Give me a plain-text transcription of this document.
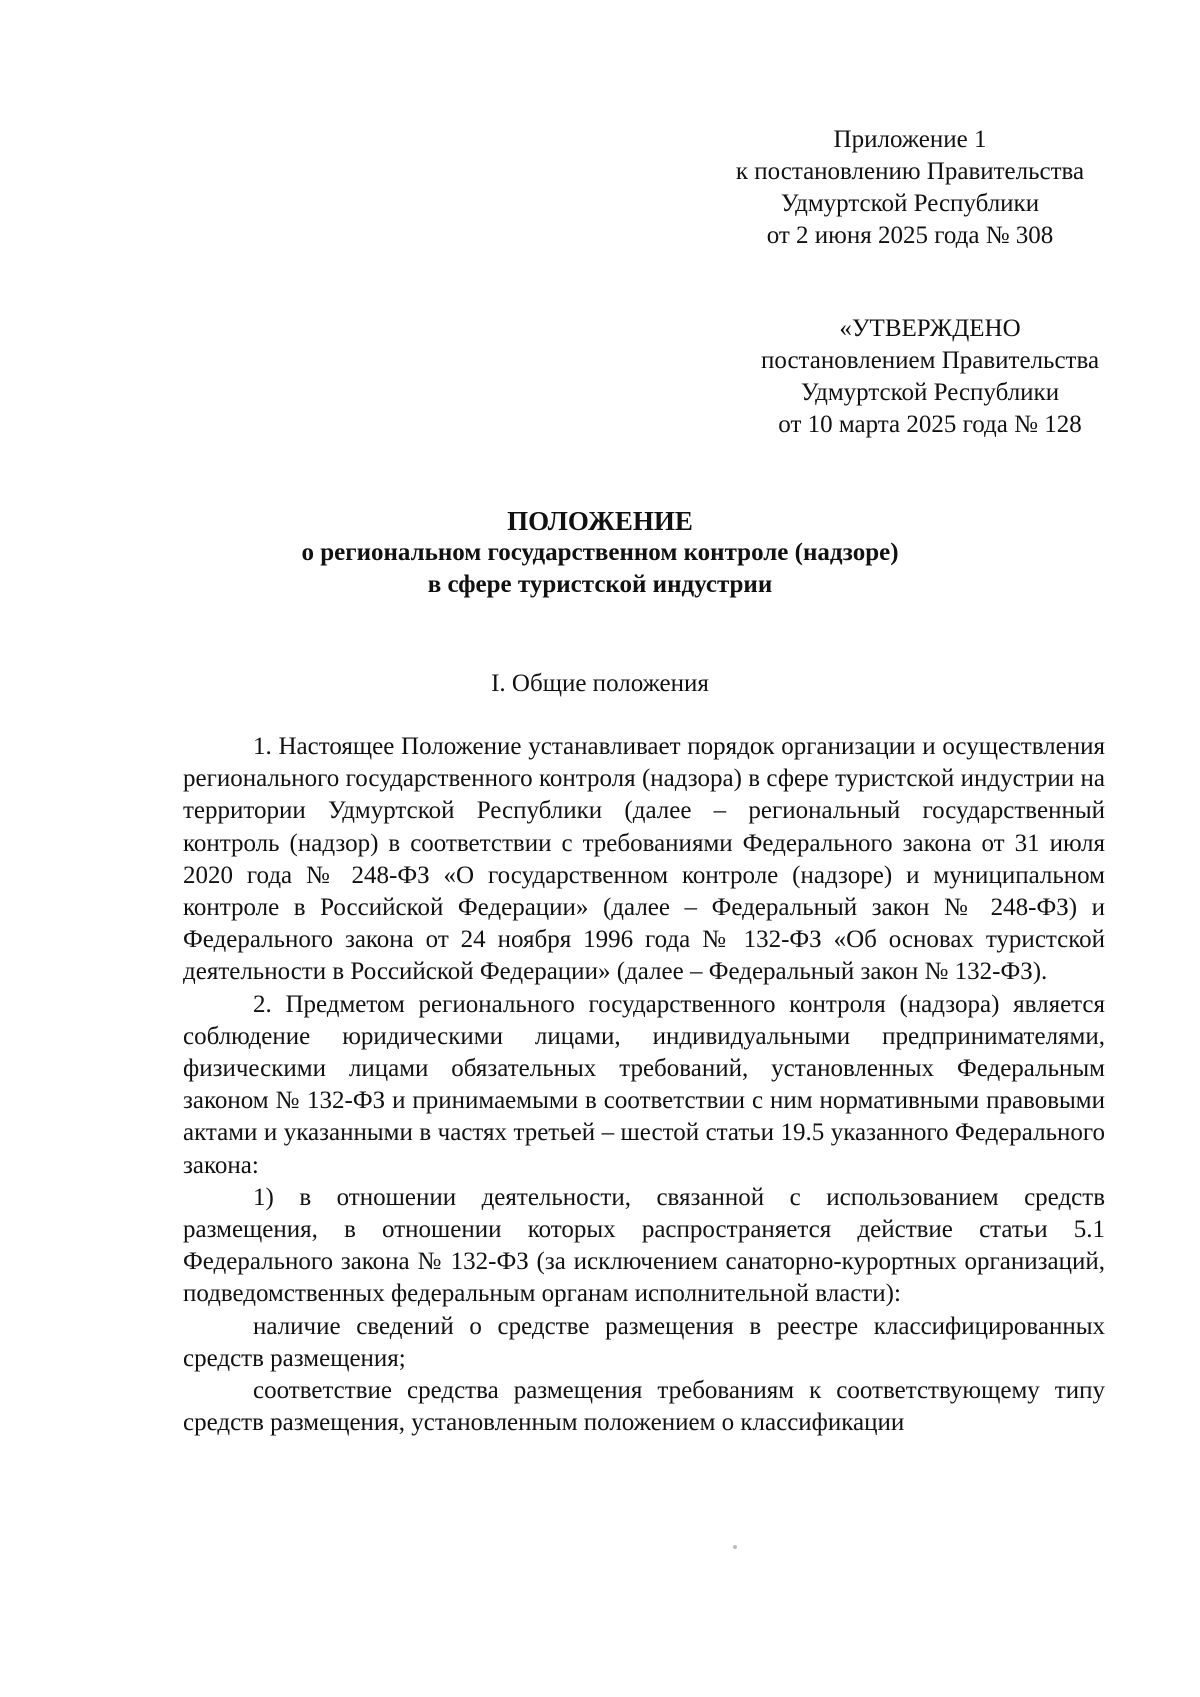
Приложение 1
к постановлению Правительства
Удмуртской Республики
от 2 июня 2025 года № 308
«УТВЕРЖДЕНО
постановлением Правительства
Удмуртской Республики
от 10 марта 2025 года № 128
ПОЛОЖЕНИЕ
о региональном государственном контроле (надзоре)
в сфере туристской индустрии
I. Общие положения

1. Настоящее Положение устанавливает порядок организации и осуществления регионального государственного контроля (надзора) в сфере туристской индустрии на территории Удмуртской Республики (далее – региональный государственный контроль (надзор) в соответствии с требованиями Федерального закона от 31 июля 2020 года № 248-ФЗ «О государственном контроле (надзоре) и муниципальном контроле в Российской Федерации» (далее – Федеральный закон № 248-ФЗ) и Федерального закона от 24 ноября 1996 года № 132-ФЗ «Об основах туристской деятельности в Российской Федерации» (далее – Федеральный закон № 132-ФЗ).

2. Предметом регионального государственного контроля (надзора) является соблюдение юридическими лицами, индивидуальными предпринимателями, физическими лицами обязательных требований, установленных Федеральным законом № 132-ФЗ и принимаемыми в соответствии с ним нормативными правовыми актами и указанными в частях третьей – шестой статьи 19.5 указанного Федерального закона:

1) в отношении деятельности, связанной с использованием средств размещения, в отношении которых распространяется действие статьи 5.1 Федерального закона № 132-ФЗ (за исключением санаторно-курортных организаций, подведомственных федеральным органам исполнительной власти):

наличие сведений о средстве размещения в реестре классифицированных средств размещения;

соответствие средства размещения требованиям к соответствующему типу средств размещения, установленным положением о классификации
